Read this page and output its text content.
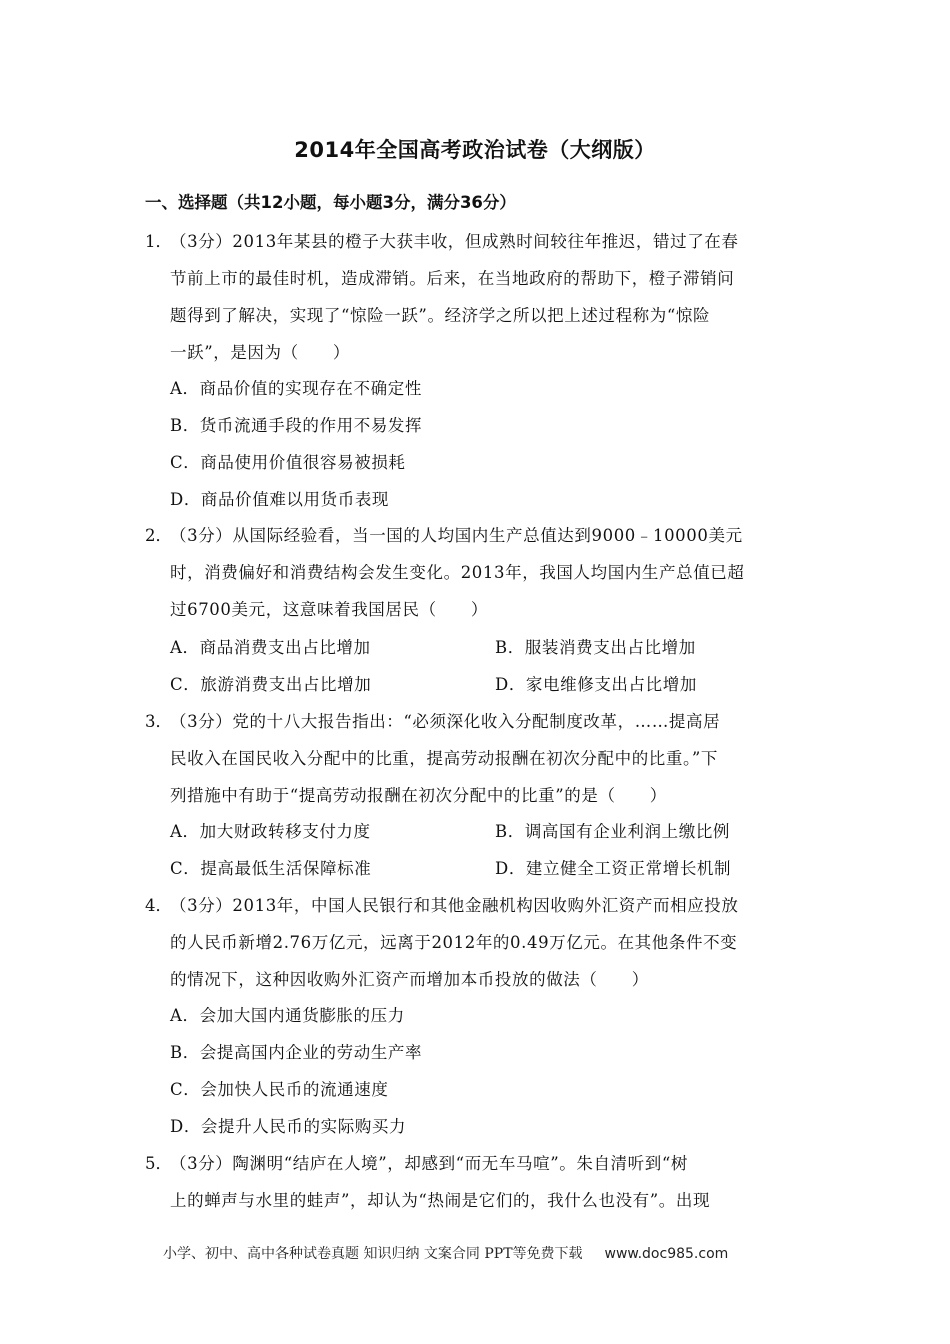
2014年全国高考政治试卷（大纲版）
一、选择题（共12小题，每小题3分，满分36分）
1．
（3分）2013年某县的橙子大获丰收，但成熟时间较往年推迟，错过了在春
节前上市的最佳时机，造成滞销。后来，在当地政府的帮助下，橙子滞销问
题得到了解决，实现了“惊险一跃”。经济学之所以把上述过程称为“惊险
一跃”，是因为（　　）
A．商品价值的实现存在不确定性
B．货币流通手段的作用不易发挥
C．商品使用价值很容易被损耗
D．商品价值难以用货币表现
2．
（3分）从国际经验看，当一国的人均国内生产总值达到9000﹣10000美元
时，消费偏好和消费结构会发生变化。2013年，我国人均国内生产总值已超
过6700美元，这意味着我国居民（　　）
A．商品消费支出占比增加	B．服装消费支出占比增加
C．旅游消费支出占比增加	D．家电维修支出占比增加
3．
（3分）党的十八大报告指出：“必须深化收入分配制度改革，……提高居
民收入在国民收入分配中的比重，提高劳动报酬在初次分配中的比重。”下
列措施中有助于“提高劳动报酬在初次分配中的比重”的是（　　）
A．加大财政转移支付力度	B．调高国有企业利润上缴比例
C．提高最低生活保障标准	D．建立健全工资正常增长机制
4．
（3分）2013年，中国人民银行和其他金融机构因收购外汇资产而相应投放
的人民币新增2.76万亿元，远离于2012年的0.49万亿元。在其他条件不变
的情况下，这种因收购外汇资产而增加本币投放的做法（　　）
A．会加大国内通货膨胀的压力
B．会提高国内企业的劳动生产率
C．会加快人民币的流通速度
D．会提升人民币的实际购买力
5．
（3分）陶渊明“结庐在人境”，却感到“而无车马喧”。朱自清听到“树
上的蝉声与水里的蛙声”，却认为“热闹是它们的，我什么也没有”。出现
小学、初中、高中各种试卷真题 知识归纳 文案合同 PPT等免费下载 www.doc985.com
